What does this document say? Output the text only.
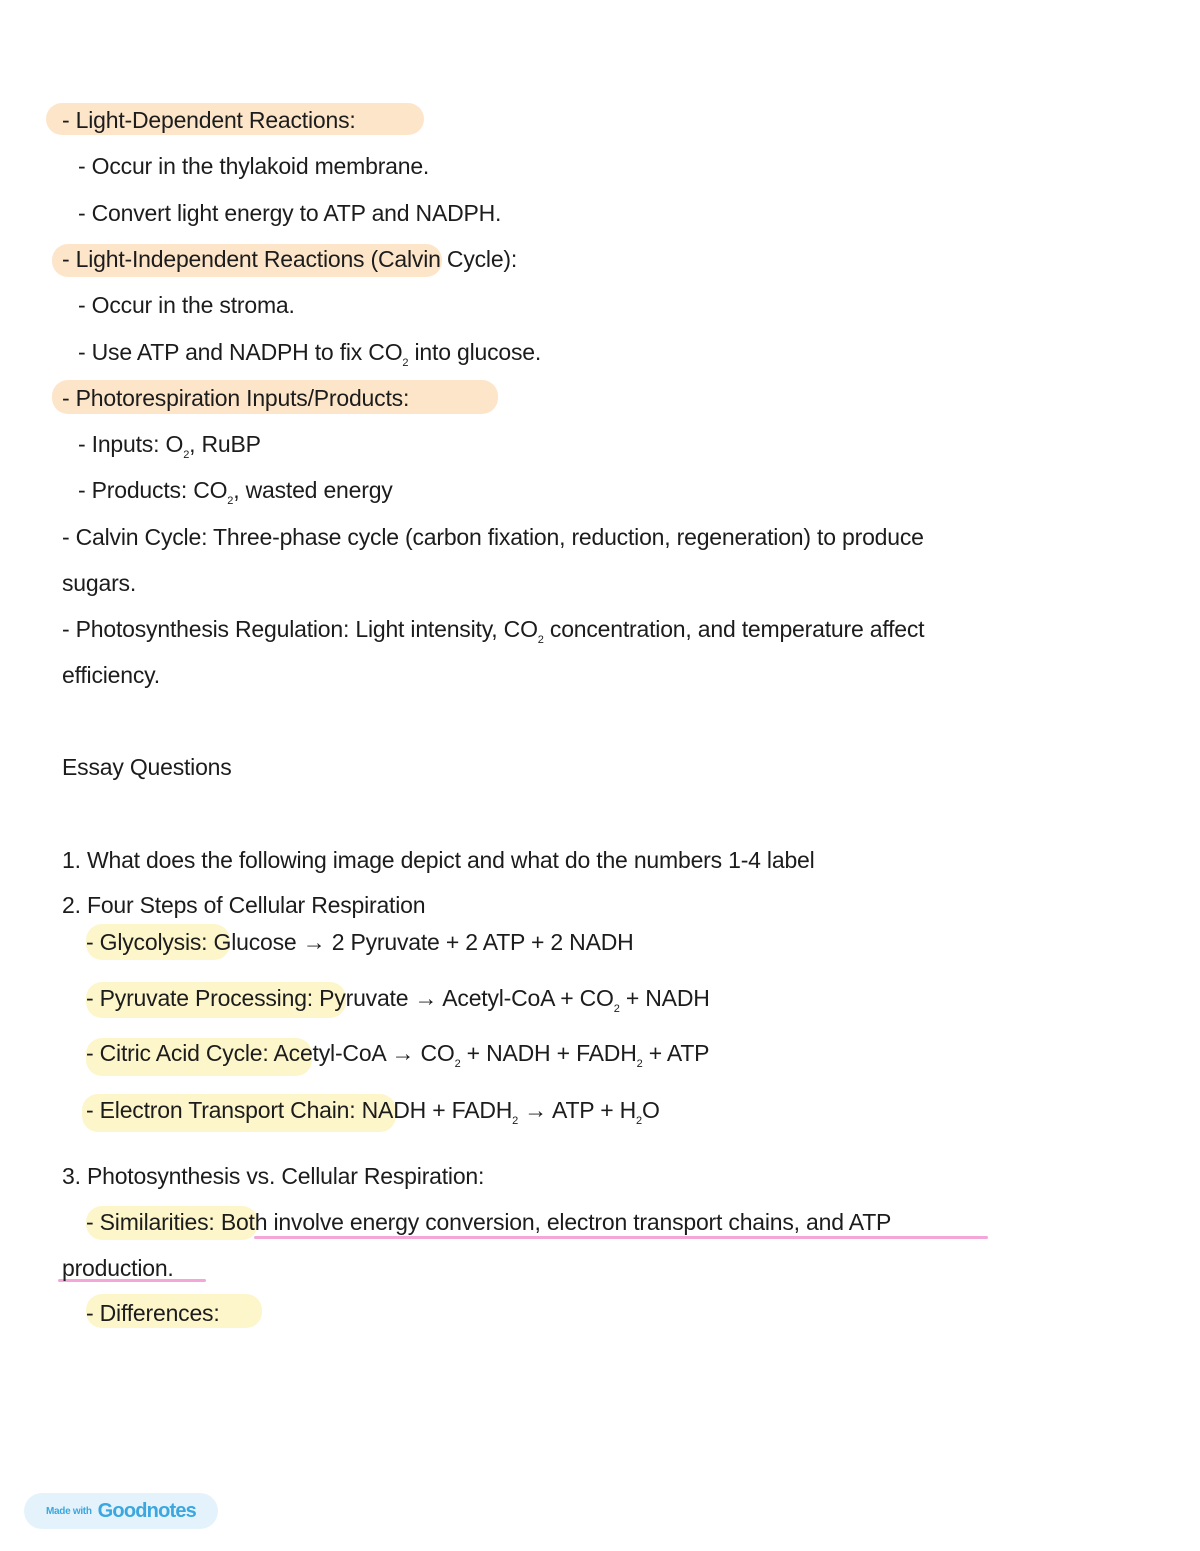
- Light-Dependent Reactions:
- Occur in the thylakoid membrane.
- Convert light energy to ATP and NADPH.
- Light-Independent Reactions (Calvin Cycle):
- Occur in the stroma.
- Use ATP and NADPH to fix $CO_2$ into glucose.
- Photorespiration Inputs/Products:
- Inputs: $O_2$, RuBP
- Products: $CO_2$, wasted energy
- Calvin Cycle: Three-phase cycle (carbon fixation, reduction, regeneration) to produce
sugars.
- Photosynthesis Regulation: Light intensity, $CO_2$ concentration, and temperature affect
efficiency.
Essay Questions
1. What does the following image depict and what do the numbers 1-4 label
2. Four Steps of Cellular Respiration
- Glycolysis: Glucose → 2 Pyruvate + 2 ATP + 2 NADH
- Pyruvate Processing: Pyruvate → Acetyl-CoA + $CO_2$ + NADH
- Citric Acid Cycle: Acetyl-CoA → $CO_2$ + NADH + $FADH_2$ + ATP
- Electron Transport Chain: NADH + $FADH_2$ → ATP + $H_2O$
3. Photosynthesis vs. Cellular Respiration:
- Similarities: Both involve energy conversion, electron transport chains, and ATP
production.
- Differences:
Made with Goodnotes
